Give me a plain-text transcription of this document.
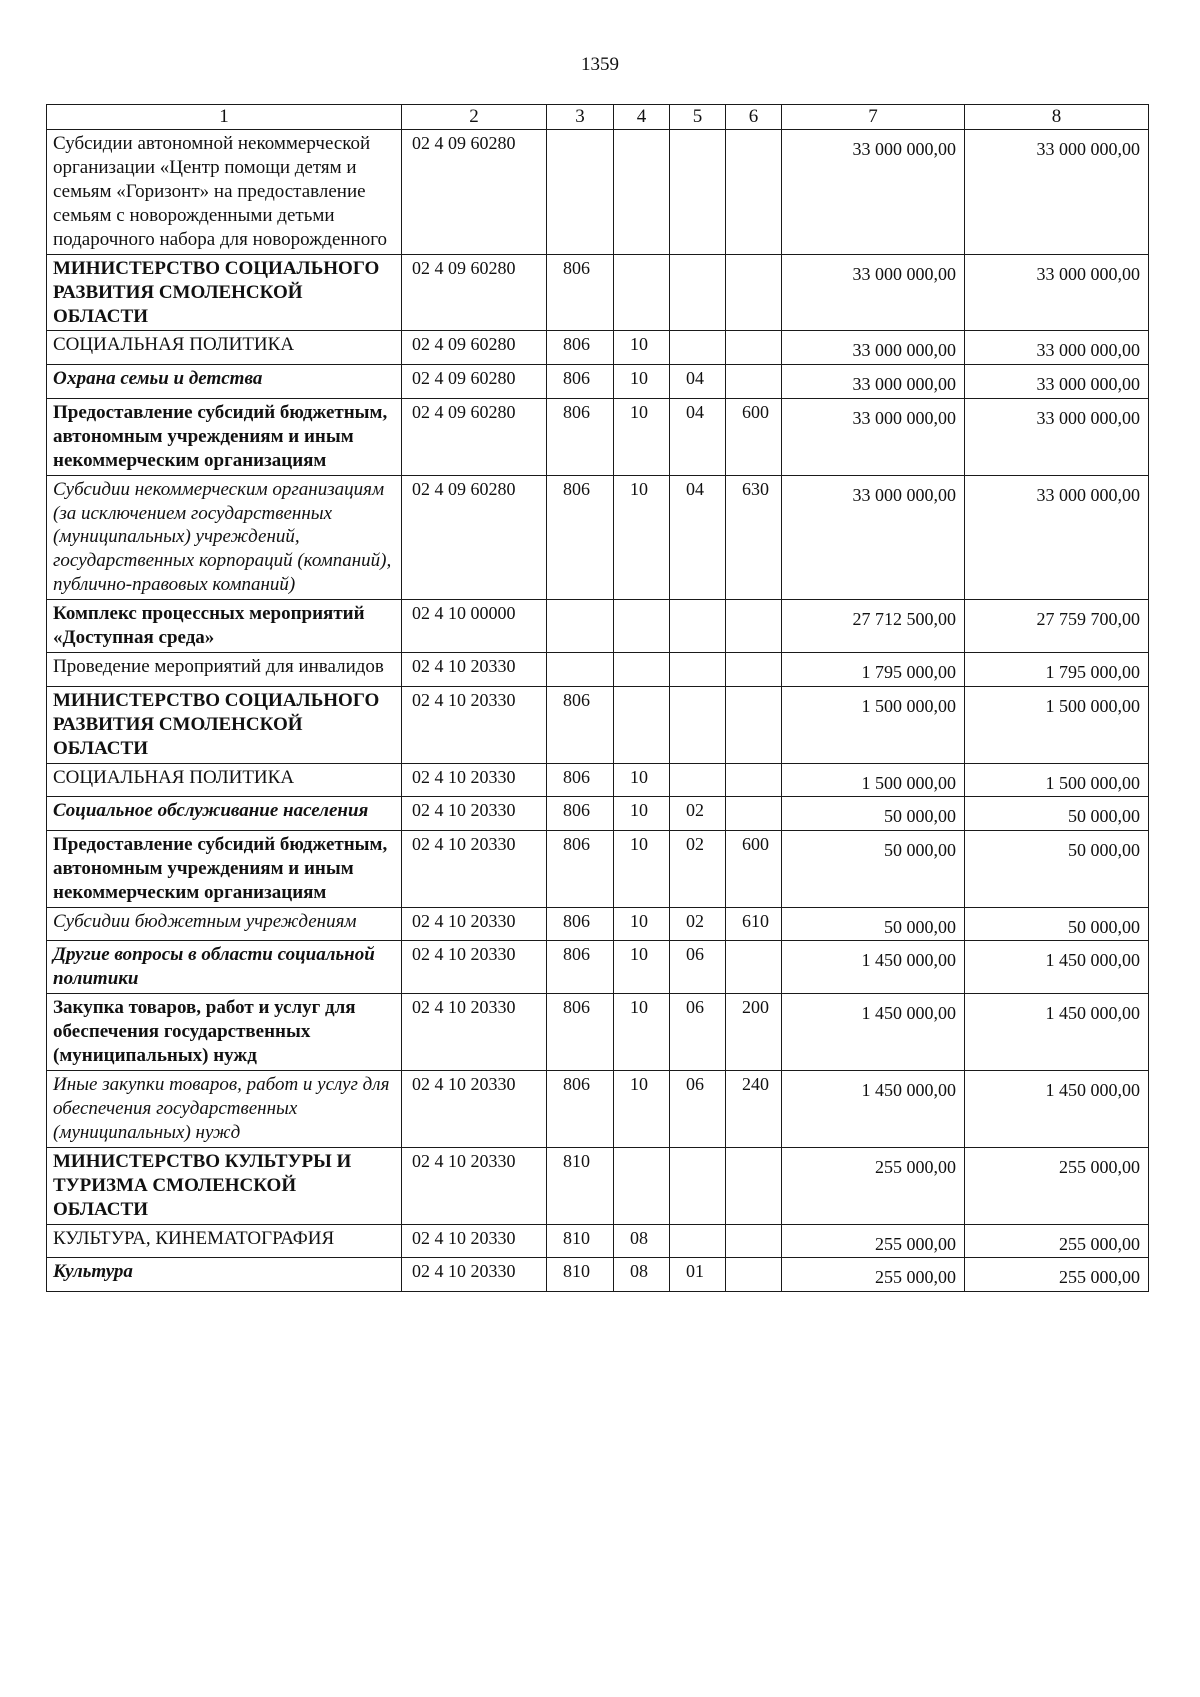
1359
1	2	3	4	5	6	7	8
Субсидии автономной некоммерческой организации «Центр помощи детям и семьям «Горизонт» на предоставление семьям с новорожденными детьми подарочного набора для новорожденного	02 4 09 60280					33 000 000,00	33 000 000,00
МИНИСТЕРСТВО СОЦИАЛЬНОГО РАЗВИТИЯ СМОЛЕНСКОЙ ОБЛАСТИ	02 4 09 60280	806				33 000 000,00	33 000 000,00
СОЦИАЛЬНАЯ ПОЛИТИКА	02 4 09 60280	806	10			33 000 000,00	33 000 000,00
Охрана семьи и детства	02 4 09 60280	806	10	04		33 000 000,00	33 000 000,00
Предоставление субсидий бюджетным, автономным учреждениям и иным некоммерческим организациям	02 4 09 60280	806	10	04	600	33 000 000,00	33 000 000,00
Субсидии некоммерческим организациям (за исключением государственных (муниципальных) учреждений, государственных корпораций (компаний), публично-правовых компаний)	02 4 09 60280	806	10	04	630	33 000 000,00	33 000 000,00
Комплекс процессных мероприятий «Доступная среда»	02 4 10 00000					27 712 500,00	27 759 700,00
Проведение мероприятий для инвалидов	02 4 10 20330					1 795 000,00	1 795 000,00
МИНИСТЕРСТВО СОЦИАЛЬНОГО РАЗВИТИЯ СМОЛЕНСКОЙ ОБЛАСТИ	02 4 10 20330	806				1 500 000,00	1 500 000,00
СОЦИАЛЬНАЯ ПОЛИТИКА	02 4 10 20330	806	10			1 500 000,00	1 500 000,00
Социальное обслуживание населения	02 4 10 20330	806	10	02		50 000,00	50 000,00
Предоставление субсидий бюджетным, автономным учреждениям и иным некоммерческим организациям	02 4 10 20330	806	10	02	600	50 000,00	50 000,00
Субсидии бюджетным учреждениям	02 4 10 20330	806	10	02	610	50 000,00	50 000,00
Другие вопросы в области социальной политики	02 4 10 20330	806	10	06		1 450 000,00	1 450 000,00
Закупка товаров, работ и услуг для обеспечения государственных (муниципальных) нужд	02 4 10 20330	806	10	06	200	1 450 000,00	1 450 000,00
Иные закупки товаров, работ и услуг для обеспечения государственных (муниципальных) нужд	02 4 10 20330	806	10	06	240	1 450 000,00	1 450 000,00
МИНИСТЕРСТВО КУЛЬТУРЫ И ТУРИЗМА СМОЛЕНСКОЙ ОБЛАСТИ	02 4 10 20330	810				255 000,00	255 000,00
КУЛЬТУРА, КИНЕМАТОГРАФИЯ	02 4 10 20330	810	08			255 000,00	255 000,00
Культура	02 4 10 20330	810	08	01		255 000,00	255 000,00
